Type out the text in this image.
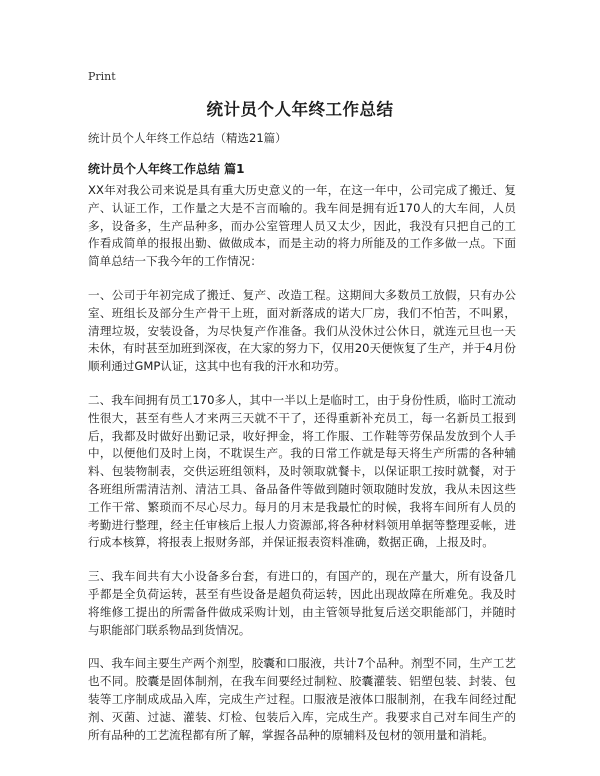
Print
统计员个人年终工作总结
统计员个人年终工作总结（精选21篇）
统计员个人年终工作总结 篇1

XX年对我公司来说是具有重大历史意义的一年，在这一年中，公司完成了搬迁、复产、认证工作，工作量之大是不言而喻的。我车间是拥有近170人的大车间，人员多，设备多，生产品种多，而办公室管理人员又太少，因此，我没有只把自己的工作看成简单的报报出勤、做做成本，而是主动的将力所能及的工作多做一点。下面简单总结一下我今年的工作情况：

一、公司于年初完成了搬迁、复产、改造工程。这期间大多数员工放假，只有办公室、班组长及部分生产骨干上班，面对新落成的诺大厂房，我们不怕苦，不叫累，清理垃圾，安装设备，为尽快复产作准备。我们从没休过公休日，就连元旦也一天未休，有时甚至加班到深夜，在大家的努力下，仅用20天便恢复了生产，并于4月份顺利通过GMP认证，这其中也有我的汗水和功劳。

二、我车间拥有员工170多人，其中一半以上是临时工，由于身份性质，临时工流动性很大，甚至有些人才来两三天就不干了，还得重新补充员工，每一名新员工报到后，我都及时做好出勤记录，收好押金，将工作服、工作鞋等劳保品发放到个人手中，以便他们及时上岗，不耽误生产。我的日常工作就是每天将生产所需的各种辅料、包装物制表，交供运班组领料，及时领取就餐卡，以保证职工按时就餐，对于各班组所需清洁剂、清洁工具、备品备件等做到随时领取随时发放，我从未因这些工作干常、繁琐而不尽心尽力。每月的月末是我最忙的时候，我将车间所有人员的考勤进行整理，经主任审核后上报人力资源部,将各种材料领用单据等整理妥帐，进行成本核算，将报表上报财务部，并保证报表资料准确，数据正确，上报及时。

三、我车间共有大小设备多台套，有进口的，有国产的，现在产量大，所有设备几乎都是全负荷运转，甚至有些设备是超负荷运转，因此出现故障在所难免。我及时将维修工提出的所需备件做成采购计划，由主管领导批复后送交职能部门，并随时与职能部门联系物品到货情况。

四、我车间主要生产两个剂型，胶囊和口服液，共计7个品种。剂型不同，生产工艺也不同。胶囊是固体制剂，在我车间要经过制粒、胶囊灌装、铝塑包装、封装、包装等工序制成成品入库，完成生产过程。口服液是液体口服制剂，在我车间经过配剂、灭菌、过滤、灌装、灯检、包装后入库，完成生产。我要求自己对车间生产的所有品种的工艺流程都有所了解，掌握各品种的原辅料及包材的领用量和消耗。
